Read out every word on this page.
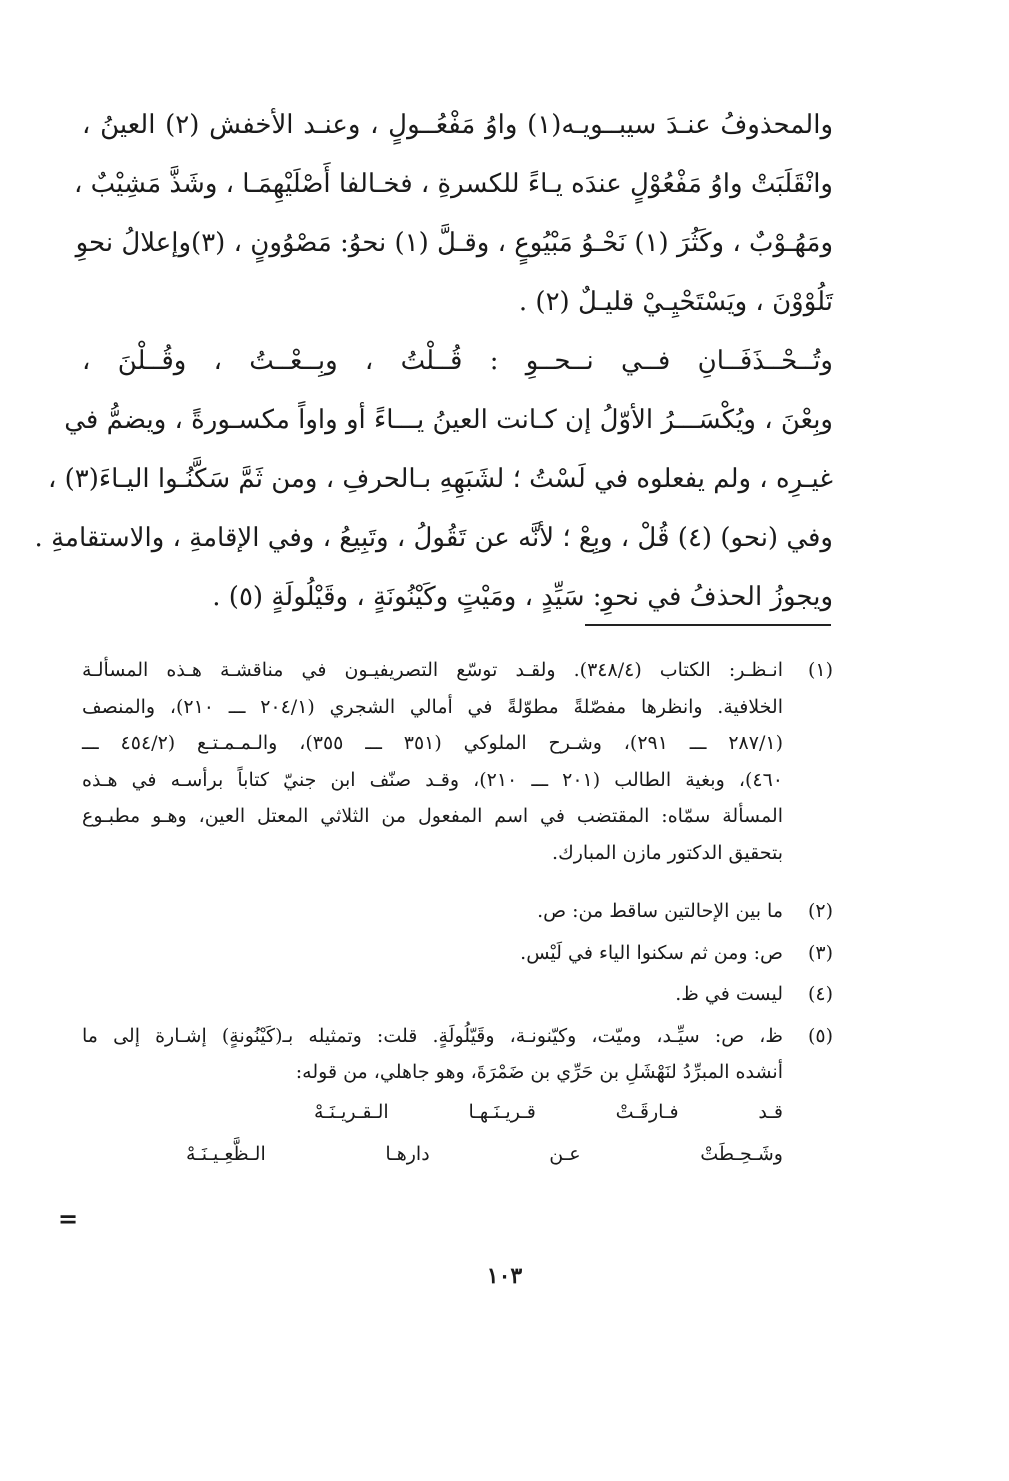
والمحذوفُ عنـدَ سيبــويـه(١) واوُ مَفْعُــولٍ ، وعنـد الأخفش (٢) العينُ ،

وانْقَلَبَتْ واوُ مَفْعُوْلٍ عندَه يـاءً للكسرةِ ، فخـالفا أَصْلَيْهِمَـا ، وشَذَّ مَشِيْبٌ ،

ومَهُـوْبٌ ، وكَثُرَ (١) نَحْـوُ مَبْيُوعٍ ، وقـلَّ (١) نحوُ: مَصْوُونٍ ، (٣)وإعلالُ نحوِ

تَلُوْوْنَ ، ويَسْتَحْيِـيْ قليـلٌ (٢) .

وتُــحْــذَفَــانِ فــي نــحــوِ : قُــلْتُ ، وبِــعْــتُ ، وقُــلْنَ ،

وبِعْنَ ، ويُكْسَـــرُ الأوّلُ إن كـانت العينُ يـــاءً أو واواً مكسـورةً ، ويضمُّ في

غيـرِه ، ولم يفعلوه في لَسْتُ ؛ لشَبَهِهِ بـالحرفِ ، ومن ثَمَّ سَكَّنُـوا اليـاءَ(٣) ،

وفي (نحو) (٤) قُلْ ، وبِعْ ؛ لأنَّه عن تَقُولُ ، وتَبِيعُ ، وفي الإقامةِ ، والاستقامةِ .

ويجوزُ الحذفُ في نحوِ: سَيِّدٍ ، ومَيْتٍ وكَيْنُونَةٍ ، وقَيْلُولَةٍ (٥) .

(١)
انـظـر: الكتاب (٣٤٨/٤). ولقـد توسّع التصريفيـون في مناقشـة هـذه المسألـة
الخلافية. وانظرها مفصّلةً مطوّلةً في أمالي الشجري (٢٠٤/١ ـــ ٢١٠)، والمنصف
(٢٨٧/١ ـــ ٢٩١)، وشـرح الملوكي (٣٥١ ـــ ٣٥٥)، والـمـمـتـع (٤٥٤/٢ ـــ
٤٦٠)، وبغية الطالب (٢٠١ ـــ ٢١٠)، وقـد صنّف ابن جنيّ كتاباً برأسـه في هـذه
المسألة سمّاه: المقتضب في اسم المفعول من الثلاثي المعتل العين، وهـو مطبـوع
بتحقيق الدكتور مازن المبارك.
(٢)
ما بين الإحالتين ساقط من: ص.
(٣)
ص: ومن ثم سكنوا الياء في لَيْس.
(٤)
ليست في ظ.
(٥)
ظ، ص: سيِّـد، وميّت، وكيّنونـة، وقَيّلُولَةٍ. قلت: وتمثيله بـ(كَيْنُونةٍ) إشـارة إلى ما
أنشده المبرِّدُ لنَهْشَلِ بن حَرِّي بن ضَمْرَةَ، وهو جاهلي، من قوله:
قـد
فـارقَـتْ
قـريـنَـهـا
الـقـريـنَـهْ
وشَـحِـطَتْ
عـن
دارهـا
الـظَّعِـيـنَـهْ
=
١٠٣
